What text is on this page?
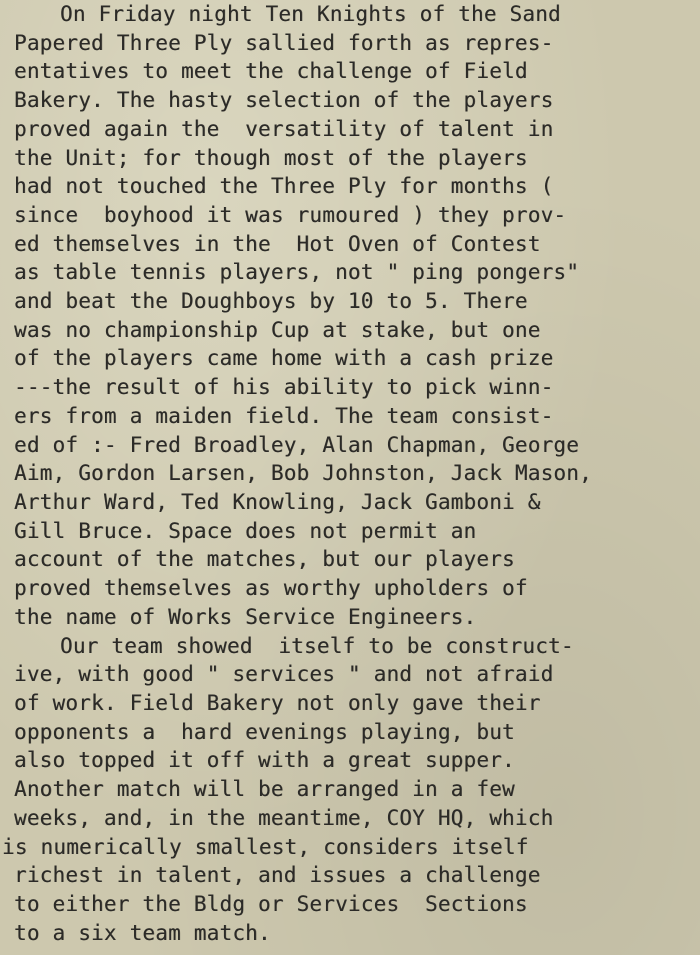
On Friday night Ten Knights of the Sand
Papered Three Ply sallied forth as repres-
entatives to meet the challenge of Field
Bakery. The hasty selection of the players
proved again the  versatility of talent in
the Unit; for though most of the players
had not touched the Three Ply for months (
since  boyhood it was rumoured ) they prov-
ed themselves in the  Hot Oven of Contest
as table tennis players, not " ping pongers"
and beat the Doughboys by 10 to 5. There
was no championship Cup at stake, but one
of the players came home with a cash prize
---the result of his ability to pick winn-
ers from a maiden field. The team consist-
ed of :- Fred Broadley, Alan Chapman, George
Aim, Gordon Larsen, Bob Johnston, Jack Mason,
Arthur Ward, Ted Knowling, Jack Gamboni &
Gill Bruce. Space does not permit an
account of the matches, but our players
proved themselves as worthy upholders of
the name of Works Service Engineers.
Our team showed  itself to be construct-
ive, with good " services " and not afraid
of work. Field Bakery not only gave their
opponents a  hard evenings playing, but
also topped it off with a great supper.
Another match will be arranged in a few
weeks, and, in the meantime, COY HQ, which
is numerically smallest, considers itself
richest in talent, and issues a challenge
to either the Bldg or Services  Sections
to a six team match.
